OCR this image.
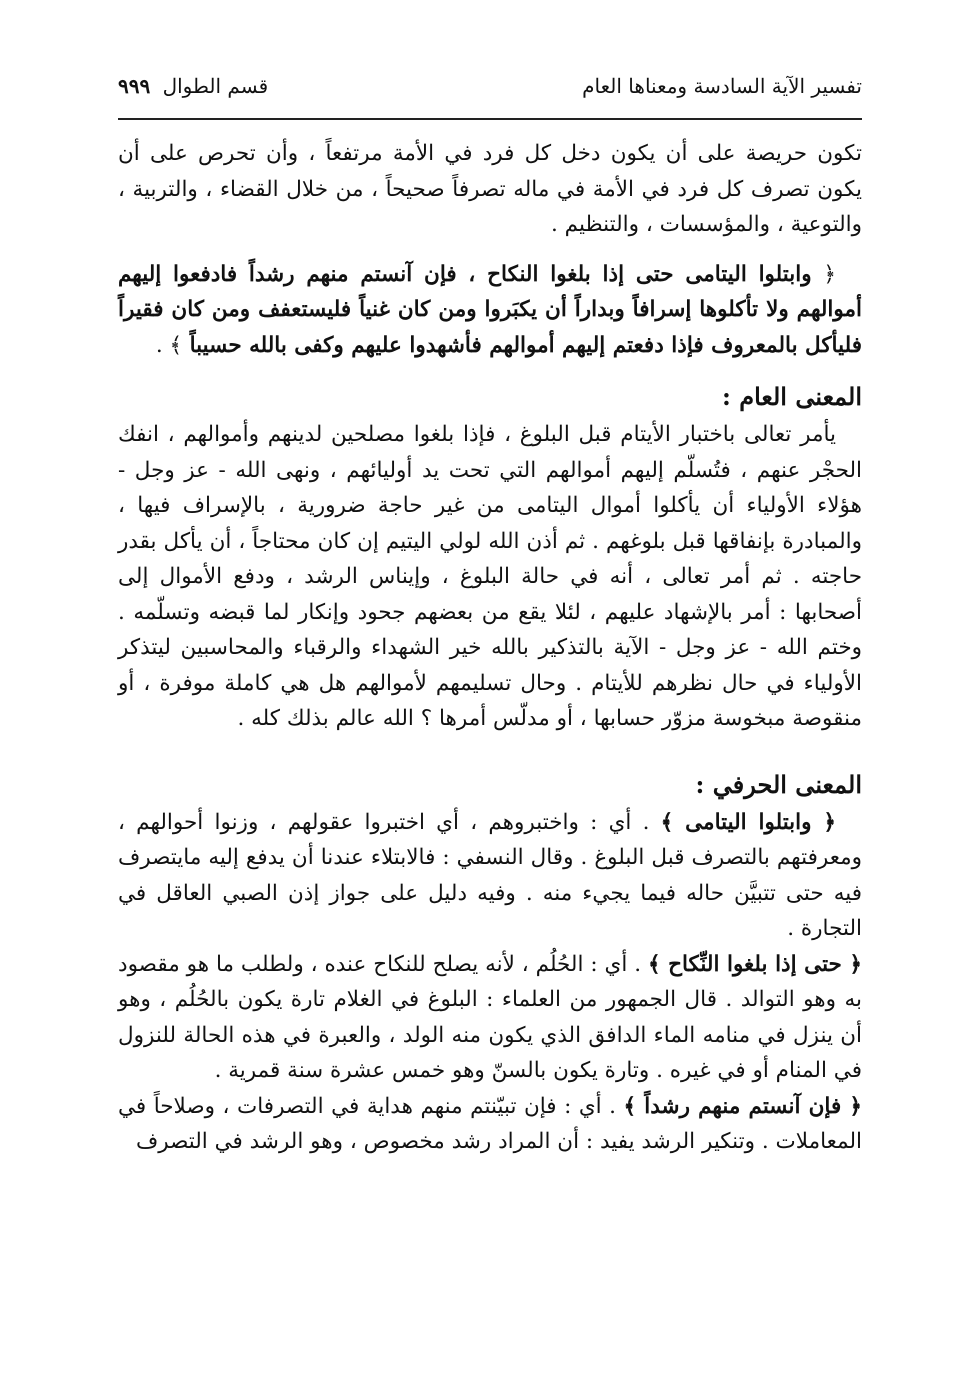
تفسير الآية السادسة ومعناها العام
قسم الطوال ٩٩٩

تكون حريصة على أن يكون دخل كل فرد في الأمة مرتفعاً ، وأن تحرص على أن يكون تصرف كل فرد في الأمة في ماله تصرفاً صحيحاً ، من خلال القضاء ، والتربية ، والتوعية ، والمؤسسات ، والتنظيم .

﴿ وابتلوا اليتامى حتى إذا بلغوا النكاح ، فإن آنستم منهم رشداً فادفعوا إليهم أموالهم ولا تأكلوها إسرافاً وبداراً أن يكبَروا ومن كان غنياً فليستعفف ومن كان فقيراً فليأكل بالمعروف فإذا دفعتم إليهم أموالهم فأشهدوا عليهم وكفى بالله حسيباً ﴾ .

المعنى العام :

يأمر تعالى باختبار الأيتام قبل البلوغ ، فإذا بلغوا مصلحين لدينهم وأموالهم ، انفك الحجْر عنهم ، فتُسلّم إليهم أموالهم التي تحت يد أوليائهم ، ونهى الله - عز وجل - هؤلاء الأولياء أن يأكلوا أموال اليتامى من غير حاجة ضرورية ، بالإسراف فيها ، والمبادرة بإنفاقها قبل بلوغهم . ثم أذن الله لولي اليتيم إن كان محتاجاً ، أن يأكل بقدر حاجته . ثم أمر تعالى ، أنه في حالة البلوغ ، وإيناس الرشد ، ودفع الأموال إلى أصحابها : أمر بالإشهاد عليهم ، لئلا يقع من بعضهم جحود وإنكار لما قبضه وتسلّمه . وختم الله - عز وجل - الآية بالتذكير بالله خير الشهداء والرقباء والمحاسبين ليتذكر الأولياء في حال نظرهم للأيتام . وحال تسليمهم لأموالهم هل هي كاملة موفرة ، أو منقوصة مبخوسة مزوّر حسابها ، أو مدلّس أمرها ؟ الله عالم بذلك كله .

المعنى الحرفي :

﴿ وابتلوا اليتامى ﴾ . أي : واختبروهم ، أي اختبروا عقولهم ، وزنوا أحوالهم ، ومعرفتهم بالتصرف قبل البلوغ . وقال النسفي : فالابتلاء عندنا أن يدفع إليه مايتصرف فيه حتى تتبيَّن حاله فيما يجيء منه . وفيه دليل على جواز إذن الصبي العاقل في التجارة .

﴿ حتى إذا بلغوا النِّكاح ﴾ . أي : الحُلُم ، لأنه يصلح للنكاح عنده ، ولطلب ما هو مقصود به وهو التوالد . قال الجمهور من العلماء : البلوغ في الغلام تارة يكون بالحُلُم ، وهو أن ينزل في منامه الماء الدافق الذي يكون منه الولد ، والعبرة في هذه الحالة للنزول في المنام أو في غيره . وتارة يكون بالسنّ وهو خمس عشرة سنة قمرية .

﴿ فإن آنستم منهم رشداً ﴾ . أي : فإن تبيّنتم منهم هداية في التصرفات ، وصلاحاً في المعاملات . وتنكير الرشد يفيد : أن المراد رشد مخصوص ، وهو الرشد في التصرف
